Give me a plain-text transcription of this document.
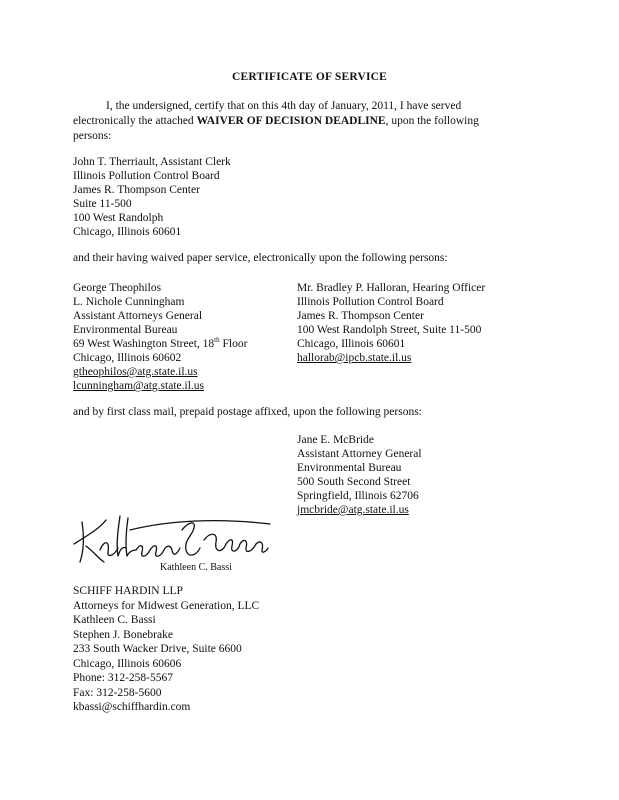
CERTIFICATE OF SERVICE
I, the undersigned, certify that on this 4th day of January, 2011, I have served electronically the attached WAIVER OF DECISION DEADLINE, upon the following persons:
John T. Therriault, Assistant Clerk
Illinois Pollution Control Board
James R. Thompson Center
Suite 11-500
100 West Randolph
Chicago, Illinois 60601
and their having waived paper service, electronically upon the following persons:
George Theophilos
L. Nichole Cunningham
Assistant Attorneys General
Environmental Bureau
69 West Washington Street, 18th Floor
Chicago, Illinois 60602
gtheophilos@atg.state.il.us
lcunningham@atg.state.il.us
Mr. Bradley P. Halloran, Hearing Officer
Illinois Pollution Control Board
James R. Thompson Center
100 West Randolph Street, Suite 11-500
Chicago, Illinois 60601
hallorab@ipcb.state.il.us
and by first class mail, prepaid postage affixed, upon the following persons:
Jane E. McBride
Assistant Attorney General
Environmental Bureau
500 South Second Street
Springfield, Illinois 62706
jmcbride@atg.state.il.us
Kathleen C. Bassi
SCHIFF HARDIN LLP
Attorneys for Midwest Generation, LLC
Kathleen C. Bassi
Stephen J. Bonebrake
233 South Wacker Drive, Suite 6600
Chicago, Illinois 60606
Phone: 312-258-5567
Fax: 312-258-5600
kbassi@schiffhardin.com
